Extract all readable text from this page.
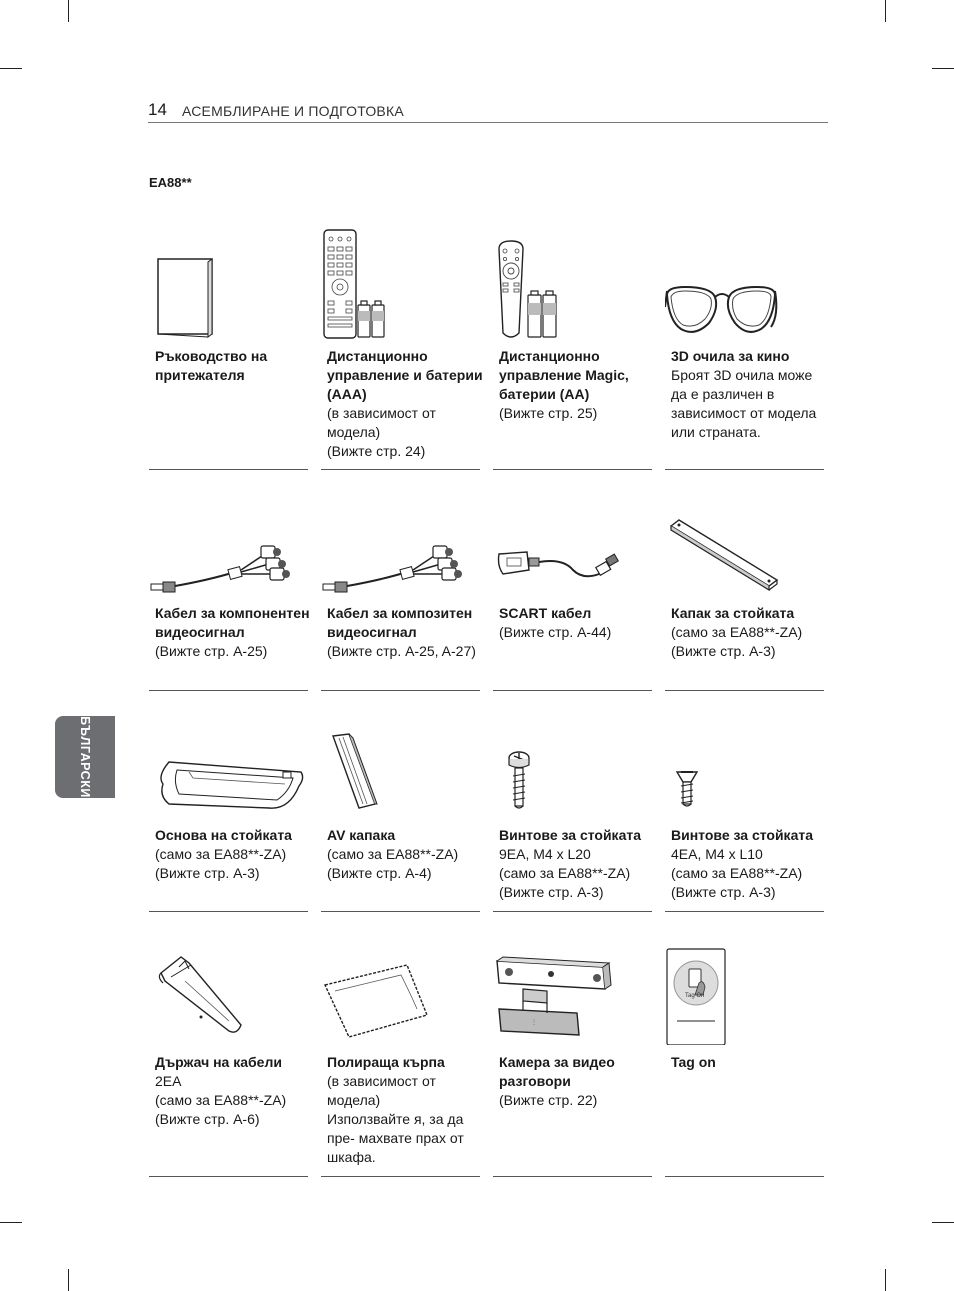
14 АСЕМБЛИРАНЕ И ПОДГОТОВКА
EA88**
БЪЛГАРСКИ
Ръководство на притежателя
Дистанционно управление и батерии (AAA)
(в зависимост от моделa)
(Вижте стр. 24)
Дистанционно управление Magic, батерии (AA)
(Вижте стр. 25)
3D очила за кино
Броят 3D очила може да е различен в зависимост от модела или страната.
Кабел за компонентен видеосигнал
(Вижте стр. A-25)
Кабел за композитен видеосигнал
(Вижте стр. A-25, A-27)
SCART кабел
(Вижте стр. A-44)
Капак за стойката
(само за EA88**-ZA)
(Вижте стр. A-3)
Основа на стойката
(само за EA88**-ZA)
(Вижте стр. A-3)
AV капака
(само за EA88**-ZA)
(Вижте стр. A-4)
Винтове за стойката
9EA, M4 x L20
(само за EA88**-ZA)
(Вижте стр. A-3)
Винтове за стойката
4EA, M4 x L10
(само за EA88**-ZA)
(Вижте стр. A-3)
Държач на кабели
2EA
(само за EA88**-ZA)
(Вижте стр. A-6)
Полираща кърпа
(в зависимост от модела)
Използвайте я, за да пре- махвате прах от шкафа.
⫶
Камера за видео разговори
(Вижте стр. 22)
Tag On
Tag on
